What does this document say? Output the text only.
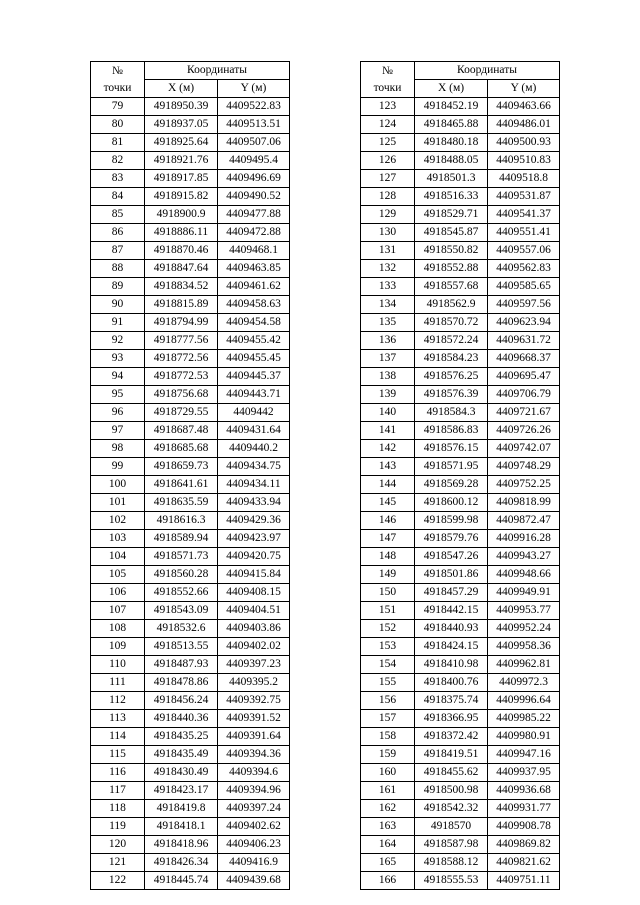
№
точки	Координаты	
	X (м)	Y (м)
79	4918950.39	4409522.83
80	4918937.05	4409513.51
81	4918925.64	4409507.06
82	4918921.76	4409495.4
83	4918917.85	4409496.69
84	4918915.82	4409490.52
85	4918900.9	4409477.88
86	4918886.11	4409472.88
87	4918870.46	4409468.1
88	4918847.64	4409463.85
89	4918834.52	4409461.62
90	4918815.89	4409458.63
91	4918794.99	4409454.58
92	4918777.56	4409455.42
93	4918772.56	4409455.45
94	4918772.53	4409445.37
95	4918756.68	4409443.71
96	4918729.55	4409442
97	4918687.48	4409431.64
98	4918685.68	4409440.2
99	4918659.73	4409434.75
100	4918641.61	4409434.11
101	4918635.59	4409433.94
102	4918616.3	4409429.36
103	4918589.94	4409423.97
104	4918571.73	4409420.75
105	4918560.28	4409415.84
106	4918552.66	4409408.15
107	4918543.09	4409404.51
108	4918532.6	4409403.86
109	4918513.55	4409402.02
110	4918487.93	4409397.23
111	4918478.86	4409395.2
112	4918456.24	4409392.75
113	4918440.36	4409391.52
114	4918435.25	4409391.64
115	4918435.49	4409394.36
116	4918430.49	4409394.6
117	4918423.17	4409394.96
118	4918419.8	4409397.24
119	4918418.1	4409402.62
120	4918418.96	4409406.23
121	4918426.34	4409416.9
122	4918445.74	4409439.68
№
точки	Координаты	
	X (м)	Y (м)
123	4918452.19	4409463.66
124	4918465.88	4409486.01
125	4918480.18	4409500.93
126	4918488.05	4409510.83
127	4918501.3	4409518.8
128	4918516.33	4409531.87
129	4918529.71	4409541.37
130	4918545.87	4409551.41
131	4918550.82	4409557.06
132	4918552.88	4409562.83
133	4918557.68	4409585.65
134	4918562.9	4409597.56
135	4918570.72	4409623.94
136	4918572.24	4409631.72
137	4918584.23	4409668.37
138	4918576.25	4409695.47
139	4918576.39	4409706.79
140	4918584.3	4409721.67
141	4918586.83	4409726.26
142	4918576.15	4409742.07
143	4918571.95	4409748.29
144	4918569.28	4409752.25
145	4918600.12	4409818.99
146	4918599.98	4409872.47
147	4918579.76	4409916.28
148	4918547.26	4409943.27
149	4918501.86	4409948.66
150	4918457.29	4409949.91
151	4918442.15	4409953.77
152	4918440.93	4409952.24
153	4918424.15	4409958.36
154	4918410.98	4409962.81
155	4918400.76	4409972.3
156	4918375.74	4409996.64
157	4918366.95	4409985.22
158	4918372.42	4409980.91
159	4918419.51	4409947.16
160	4918455.62	4409937.95
161	4918500.98	4409936.68
162	4918542.32	4409931.77
163	4918570	4409908.78
164	4918587.98	4409869.82
165	4918588.12	4409821.62
166	4918555.53	4409751.11
